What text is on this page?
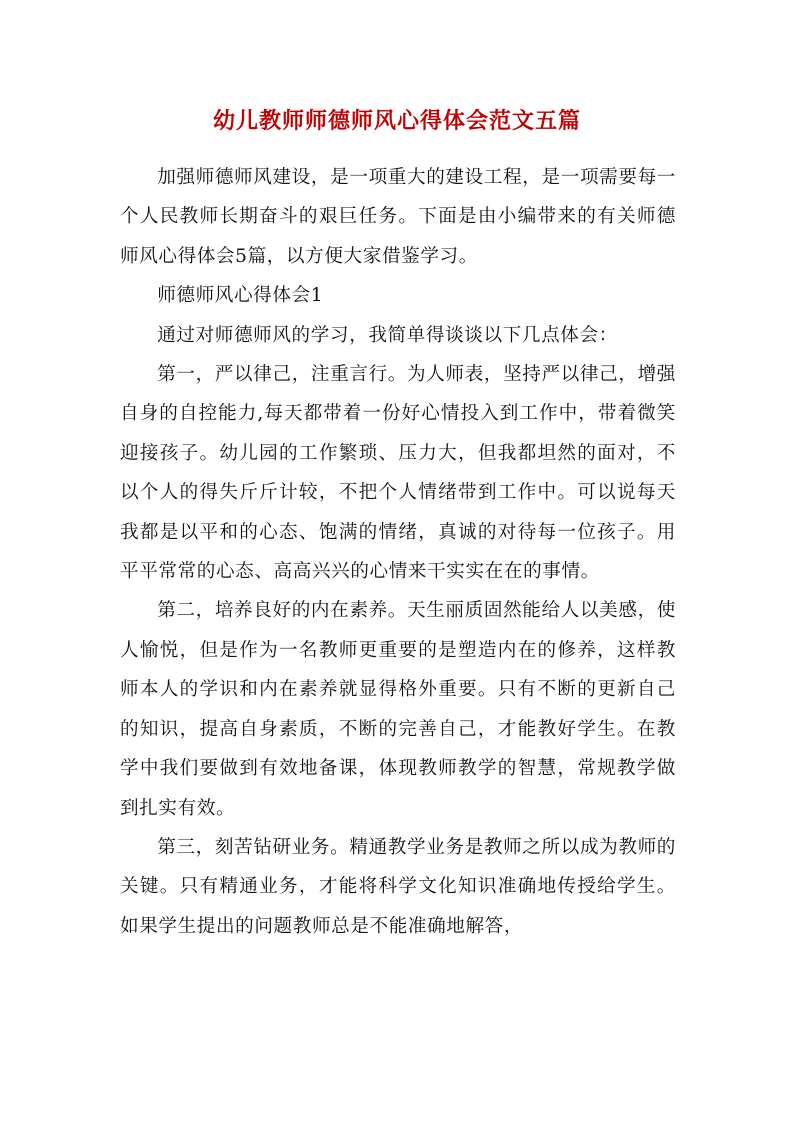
幼儿教师师德师风心得体会范文五篇

加强师德师风建设，是一项重大的建设工程，是一项需要每一个人民教师长期奋斗的艰巨任务。下面是由小编带来的有关师德师风心得体会5篇，以方便大家借鉴学习。

师德师风心得体会1

通过对师德师风的学习，我简单得谈谈以下几点体会：

第一，严以律己，注重言行。为人师表，坚持严以律己，增强自身的自控能力,每天都带着一份好心情投入到工作中，带着微笑迎接孩子。幼儿园的工作繁琐、压力大，但我都坦然的面对，不以个人的得失斤斤计较，不把个人情绪带到工作中。可以说每天我都是以平和的心态、饱满的情绪，真诚的对待每一位孩子。用平平常常的心态、高高兴兴的心情来干实实在在的事情。

第二，培养良好的内在素养。天生丽质固然能给人以美感，使人愉悦，但是作为一名教师更重要的是塑造内在的修养，这样教师本人的学识和内在素养就显得格外重要。只有不断的更新自己的知识，提高自身素质，不断的完善自己，才能教好学生。在教学中我们要做到有效地备课，体现教师教学的智慧，常规教学做到扎实有效。

第三，刻苦钻研业务。精通教学业务是教师之所以成为教师的关键。只有精通业务，才能将科学文化知识准确地传授给学生。如果学生提出的问题教师总是不能准确地解答，
